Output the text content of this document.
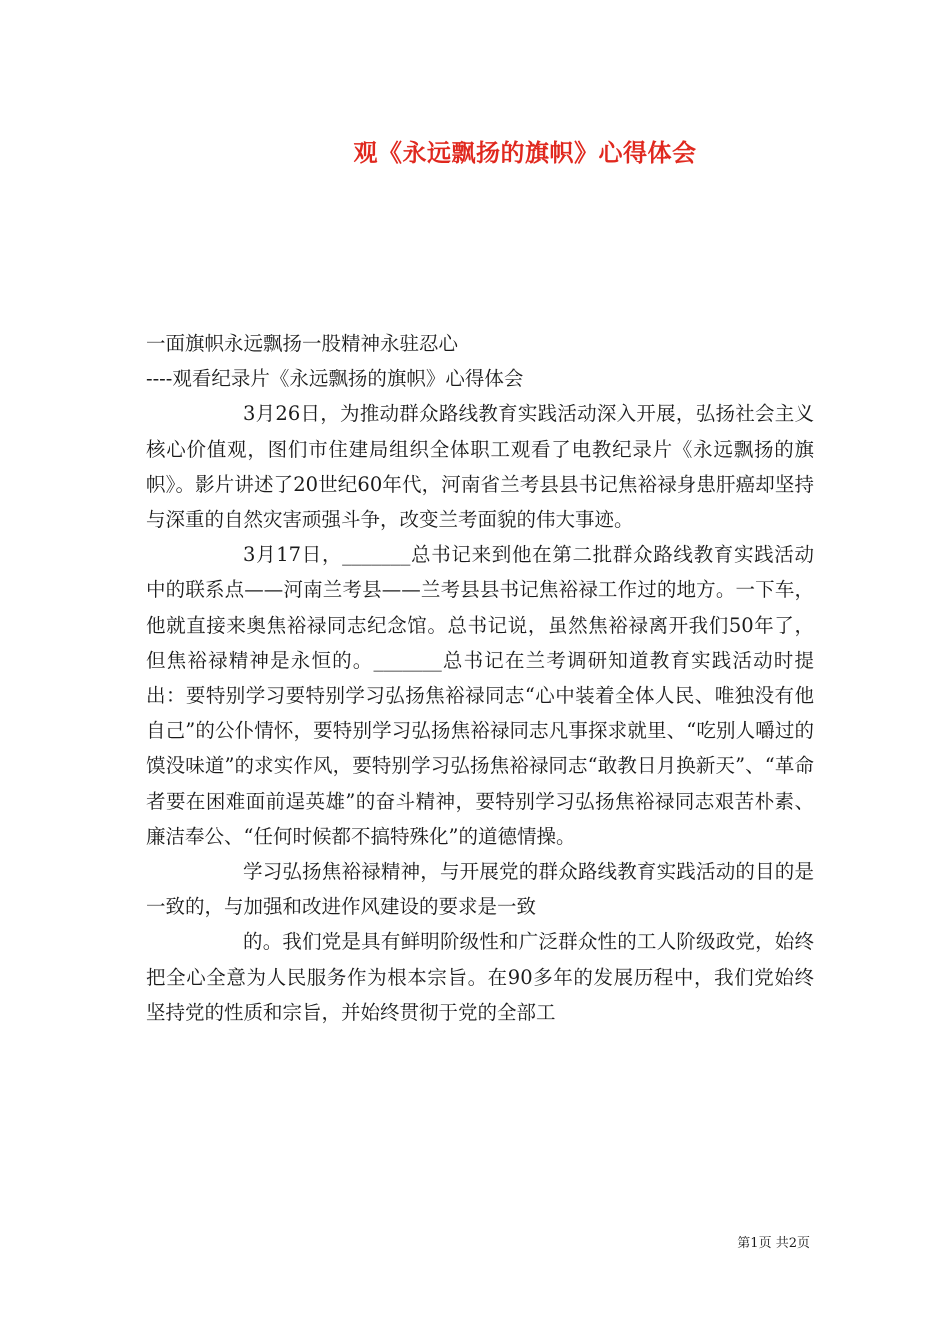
观《永远飘扬的旗帜》心得体会

一面旗帜永远飘扬一股精神永驻忍心

----观看纪录片《永远飘扬的旗帜》心得体会

3月26日，为推动群众路线教育实践活动深入开展，弘扬社会主义核心价值观，图们市住建局组织全体职工观看了电教纪录片《永远飘扬的旗帜》。影片讲述了20世纪60年代，河南省兰考县县书记焦裕禄身患肝癌却坚持与深重的自然灾害顽强斗争，改变兰考面貌的伟大事迹。

3月17日，_______总书记来到他在第二批群众路线教育实践活动中的联系点——河南兰考县——兰考县县书记焦裕禄工作过的地方。一下车，他就直接来奥焦裕禄同志纪念馆。总书记说，虽然焦裕禄离开我们50年了，但焦裕禄精神是永恒的。_______总书记在兰考调研知道教育实践活动时提出：要特别学习要特别学习弘扬焦裕禄同志“心中装着全体人民、唯独没有他自己”的公仆情怀，要特别学习弘扬焦裕禄同志凡事探求就里、“吃别人嚼过的馍没味道”的求实作风，要特别学习弘扬焦裕禄同志“敢教日月换新天”、“革命者要在困难面前逞英雄”的奋斗精神，要特别学习弘扬焦裕禄同志艰苦朴素、廉洁奉公、“任何时候都不搞特殊化”的道德情操。

学习弘扬焦裕禄精神，与开展党的群众路线教育实践活动的目的是一致的，与加强和改进作风建设的要求是一致

的。我们党是具有鲜明阶级性和广泛群众性的工人阶级政党，始终把全心全意为人民服务作为根本宗旨。在90多年的发展历程中，我们党始终坚持党的性质和宗旨，并始终贯彻于党的全部工

第1页 共2页
